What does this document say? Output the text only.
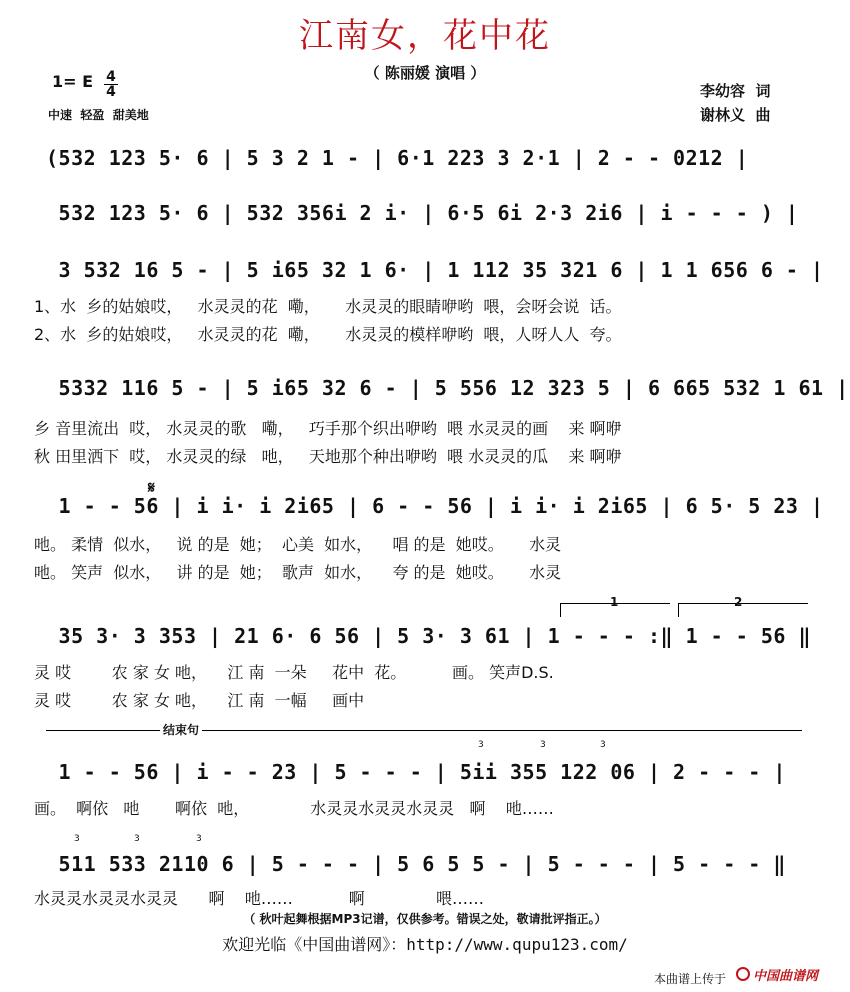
江南女，花中花
（ 陈丽媛 演唱 ）
1= E $\frac{4}{4}$
中速  轻盈  甜美地
李幼容  词
谢林义  曲
(532 123 5· 6 | 5 3 2 1 - | 6·1 223 3 2·1 | 2 - - 0212 |
532 123 5· 6 | 532 356i 2 i· | 6·5 6i 2·3 2i6 | i - - - ) |
3 532 16 5 - | 5 i65 32 1 6· | 1 112 35 321 6 | 1 1 656 6 - |
1、水  乡的姑娘哎，   水灵灵的花  嘞，     水灵灵的眼睛咿哟  喂，会呀会说  话。
2、水  乡的姑娘哎，   水灵灵的花  嘞，     水灵灵的模样咿哟  喂，人呀人人  夸。
5332 116 5 - | 5 i65 32 6 - | 5 556 12 323 5 | 6 665 532 1 61 |
乡 音里流出  哎， 水灵灵的歌   嘞，   巧手那个织出咿哟  喂 水灵灵的画    来 啊咿
秋 田里洒下  哎， 水灵灵的绿   吔，   天地那个种出咿哟  喂 水灵灵的瓜    来 啊咿
𝄋
1 - - 56 | i i· i 2i65 | 6 - - 56 | i i· i 2i65 | 6 5· 5 23 |
吔。 柔情  似水，   说 的是  她；  心美  如水，    唱 的是  她哎。     水灵
吔。 笑声  似水，   讲 的是  她；  歌声  如水，    夸 的是  她哎。     水灵
1	2
35 3· 3 353 | 21 6· 6 56 | 5 3· 3 61 | 1 - - - :‖ 1 - - 56 ‖
灵 哎        农 家 女 吔，    江 南  一朵     花中  花。         画。 笑声D.S.
灵 哎        农 家 女 吔，    江 南  一幅     画中
结束句
3	3	3
1 - - 56 | i - - 23 | 5 - - - | 5ii 355 122 06 | 2 - - - |
画。  啊依   吔       啊依  吔，            水灵灵水灵灵水灵灵   啊    吔……
3	3	3
511 533 2110 6 | 5 - - - | 5 6 5 5 - | 5 - - - | 5 - - - ‖
水灵灵水灵灵水灵灵      啊    吔……           啊              喂……
（ 秋叶起舞根据MP3记谱，仅供参考。错误之处，敬请批评指正。）
欢迎光临《中国曲谱网》：http://www.qupu123.com/
本曲谱上传于 中国曲谱网
